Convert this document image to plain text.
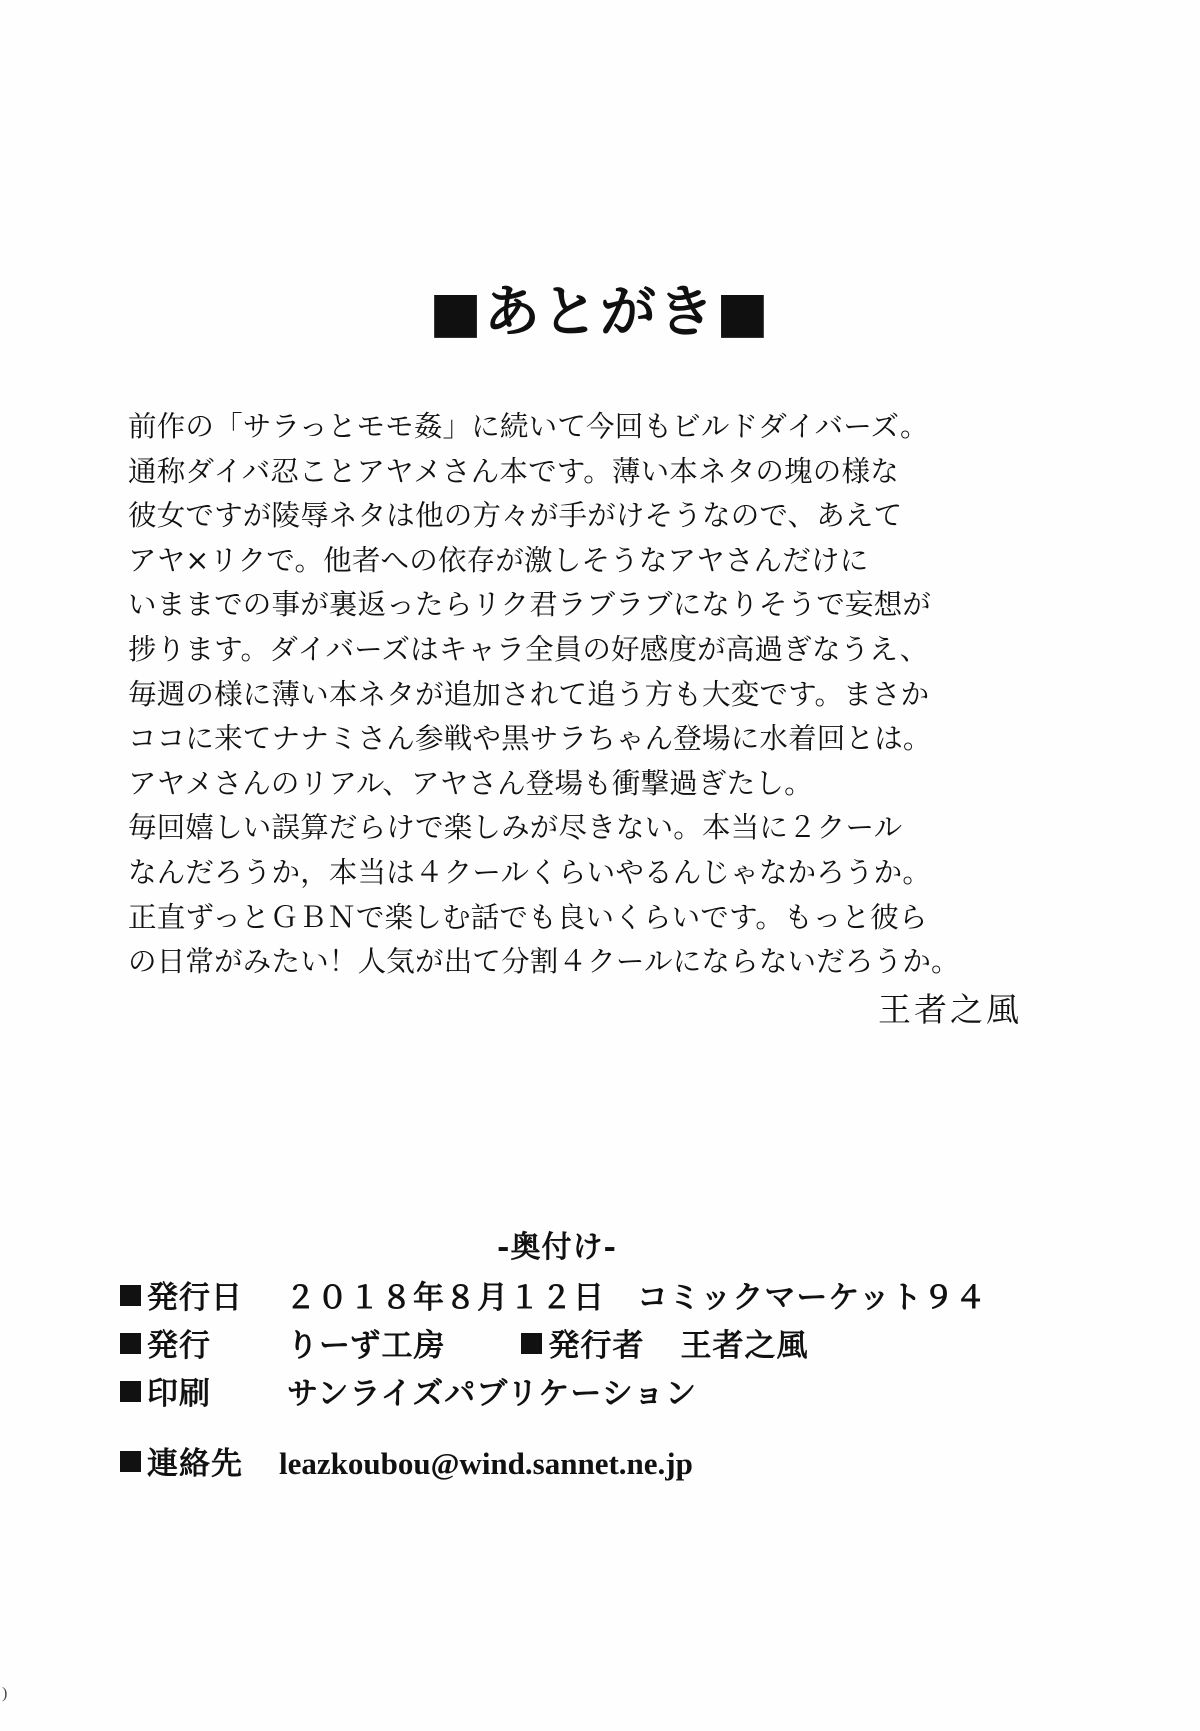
■あとがき■
前作の「サラっとモモ姦」に続いて今回もビルドダイバーズ。
通称ダイバ忍ことアヤメさん本です。薄い本ネタの塊の様な
彼女ですが陵辱ネタは他の方々が手がけそうなので、あえて
アヤ×リクで。他者への依存が激しそうなアヤさんだけに
いままでの事が裏返ったらリク君ラブラブになりそうで妄想が
捗ります。ダイバーズはキャラ全員の好感度が高過ぎなうえ、
毎週の様に薄い本ネタが追加されて追う方も大変です。まさか
ココに来てナナミさん参戦や黒サラちゃん登場に水着回とは。
アヤメさんのリアル、アヤさん登場も衝撃過ぎたし。
毎回嬉しい誤算だらけで楽しみが尽きない。本当に２クール
なんだろうか，本当は４クールくらいやるんじゃなかろうか。
正直ずっとＧＢＮで楽しむ話でも良いくらいです。もっと彼ら
の日常がみたい！人気が出て分割４クールにならないだろうか。
王者之風
-奥付け-
発行日 ２０１８年８月１２日　コミックマーケット９４
発行 りーず工房	発行者 王者之風
印刷 サンライズパブリケーション
連絡先 leazkoubou@wind.sannet.ne.jp
)
